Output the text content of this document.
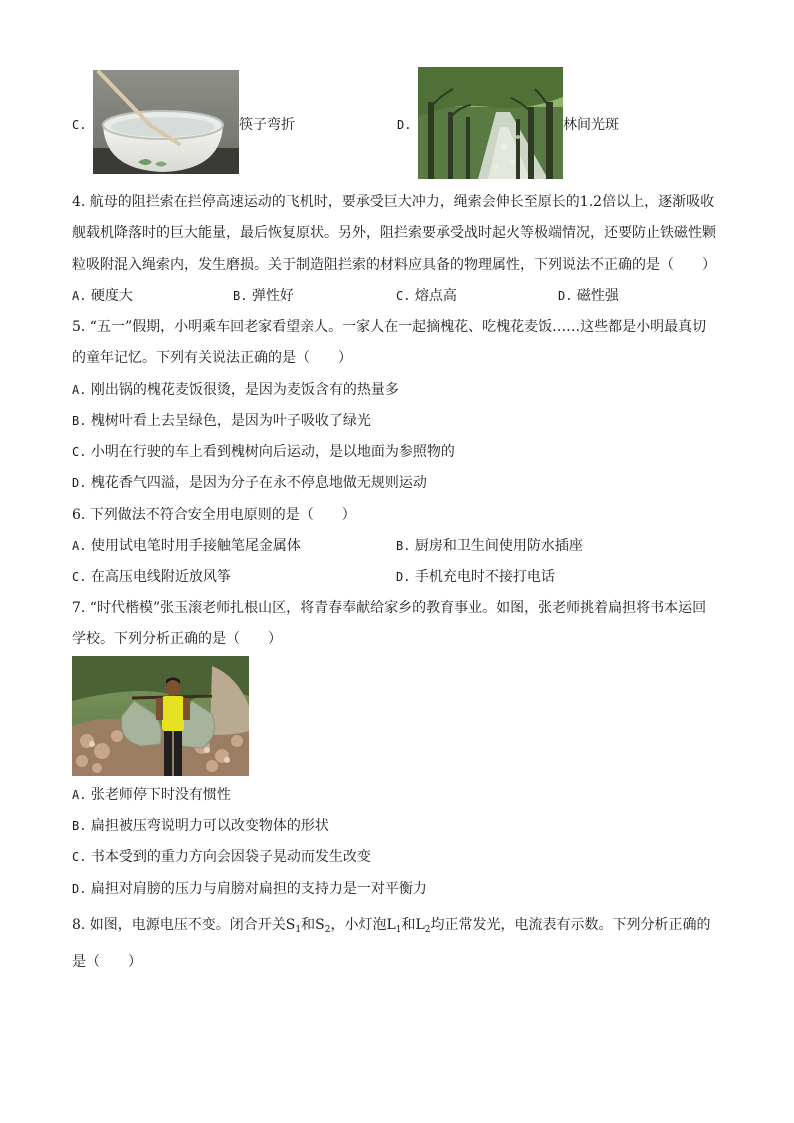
C.	筷子弯折	D.	林间光斑
4. 航母的阻拦索在拦停高速运动的飞机时，要承受巨大冲力，绳索会伸长至原长的1.2倍以上，逐渐吸收
舰载机降落时的巨大能量，最后恢复原状。另外，阻拦索要承受战时起火等极端情况，还要防止铁磁性颗
粒吸附混入绳索内，发生磨损。关于制造阻拦索的材料应具备的物理属性，下列说法不正确的是（　　）
A. 硬度大	B. 弹性好	C. 熔点高	D. 磁性强
5. “五一”假期，小明乘车回老家看望亲人。一家人在一起摘槐花、吃槐花麦饭……这些都是小明最真切
的童年记忆。下列有关说法正确的是（　　）
A. 刚出锅的槐花麦饭很烫，是因为麦饭含有的热量多
B. 槐树叶看上去呈绿色，是因为叶子吸收了绿光
C. 小明在行驶的车上看到槐树向后运动，是以地面为参照物的
D. 槐花香气四溢，是因为分子在永不停息地做无规则运动
6. 下列做法不符合安全用电原则的是（　　）
A. 使用试电笔时用手接触笔尾金属体	B. 厨房和卫生间使用防水插座
C. 在高压电线附近放风筝	D. 手机充电时不接打电话
7. “时代楷模”张玉滚老师扎根山区，将青春奉献给家乡的教育事业。如图，张老师挑着扁担将书本运回
学校。下列分析正确的是（　　）
A. 张老师停下时没有惯性
B. 扁担被压弯说明力可以改变物体的形状
C. 书本受到的重力方向会因袋子晃动而发生改变
D. 扁担对肩膀的压力与肩膀对扁担的支持力是一对平衡力
8. 如图，电源电压不变。闭合开关$S_1$和$S_2$，小灯泡$L_1$和$L_2$均正常发光，电流表有示数。下列分析正确的
是（　　）
